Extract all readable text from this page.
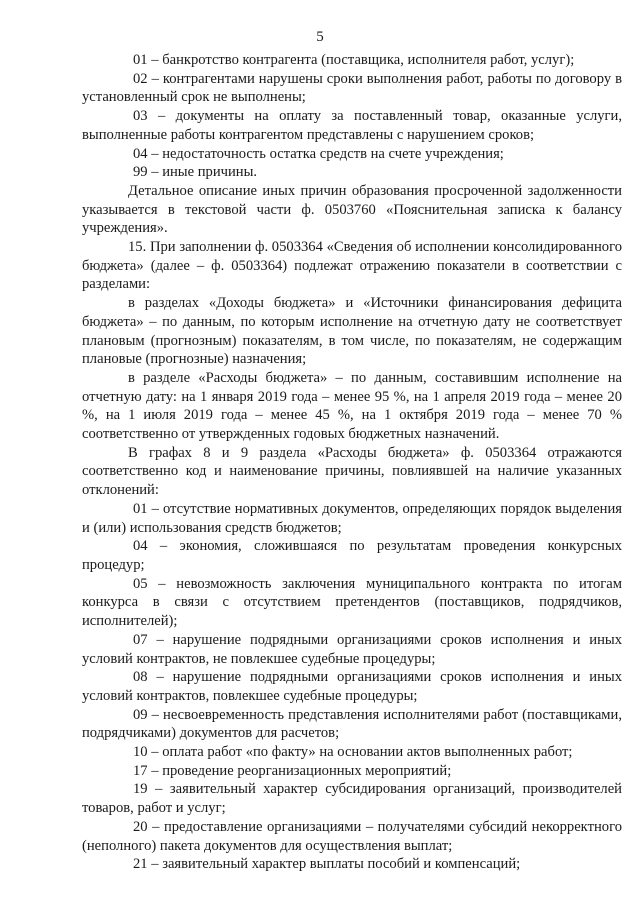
5

01 – банкротство контрагента (поставщика, исполнителя работ, услуг);

02 – контрагентами нарушены сроки выполнения работ, работы по договору в установленный срок не выполнены;

03 – документы на оплату за поставленный товар, оказанные услуги, выполненные работы контрагентом представлены с нарушением сроков;

04 – недостаточность остатка средств на счете учреждения;

99 – иные причины.

Детальное описание иных причин образования просроченной задолженности указывается в текстовой части ф. 0503760 «Пояснительная записка к балансу учреждения».

15. При заполнении ф. 0503364 «Сведения об исполнении консолидированного бюджета» (далее – ф. 0503364) подлежат отражению показатели в соответствии с разделами:

в разделах «Доходы бюджета» и «Источники финансирования дефицита бюджета» – по данным, по которым исполнение на отчетную дату не соответствует плановым (прогнозным) показателям, в том числе, по показателям, не содержащим плановые (прогнозные) назначения;

в разделе «Расходы бюджета» – по данным, составившим исполнение на отчетную дату: на 1 января 2019 года – менее 95 %, на 1 апреля 2019 года – менее 20 %, на 1 июля 2019 года – менее 45 %, на 1 октября 2019 года – менее 70 % соответственно от утвержденных годовых бюджетных назначений.

В графах 8 и 9 раздела «Расходы бюджета» ф. 0503364 отражаются соответственно код и наименование причины, повлиявшей на наличие указанных отклонений:

01 – отсутствие нормативных документов, определяющих порядок выделения и (или) использования средств бюджетов;

04 – экономия, сложившаяся по результатам проведения конкурсных процедур;

05 – невозможность заключения муниципального контракта по итогам конкурса в связи с отсутствием претендентов (поставщиков, подрядчиков, исполнителей);

07 – нарушение подрядными организациями сроков исполнения и иных условий контрактов, не повлекшее судебные процедуры;

08 – нарушение подрядными организациями сроков исполнения и иных условий контрактов, повлекшее судебные процедуры;

09 – несвоевременность представления исполнителями работ (поставщиками, подрядчиками) документов для расчетов;

10 – оплата работ «по факту» на основании актов выполненных работ;

17 – проведение реорганизационных мероприятий;

19 – заявительный характер субсидирования организаций, производителей товаров, работ и услуг;

20 – предоставление организациями – получателями субсидий некорректного (неполного) пакета документов для осуществления выплат;

21 – заявительный характер выплаты пособий и компенсаций;
